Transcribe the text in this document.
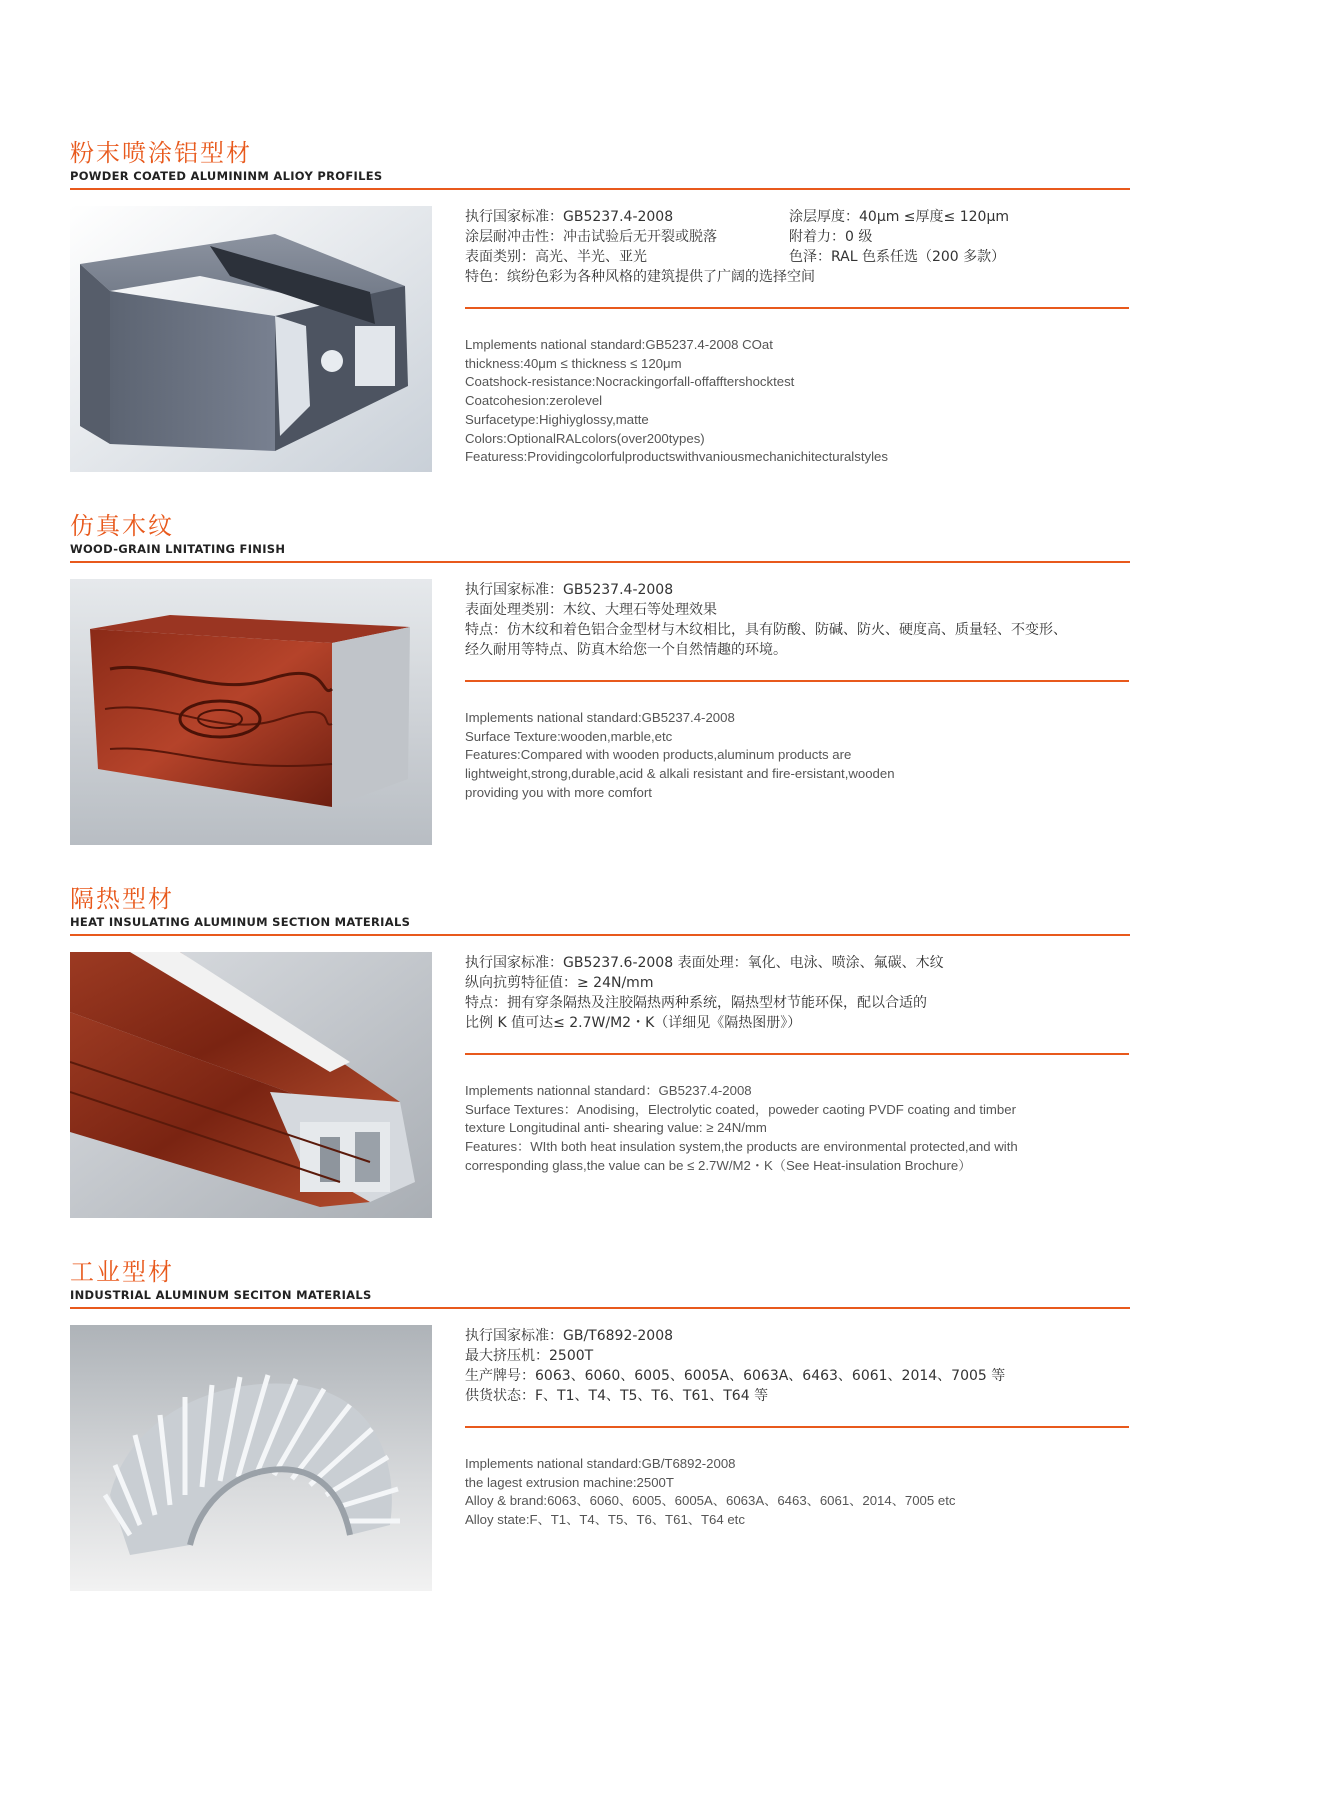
粉末喷涂铝型材
POWDER COATED ALUMININM ALIOY PROFILES
执行国家标准：GB5237.4-2008	涂层厚度：40μm ≤厚度≤ 120μm
涂层耐冲击性：冲击试验后无开裂或脱落	附着力：0 级
表面类别：高光、半光、亚光	色泽：RAL 色系任选（200 多款）
特色：缤纷色彩为各种风格的建筑提供了广阔的选择空间
Lmplements national standard:GB5237.4-2008 COat
thickness:40μm ≤ thickness ≤ 120μm
Coatshock-resistance:Nocrackingorfall-offafftershocktest
Coatcohesion:zerolevel
Surfacetype:Highiyglossy,matte
Colors:OptionalRALcolors(over200types)
Featuress:Providingcolorfulproductswithvaniousmechanichitecturalstyles
仿真木纹
WOOD-GRAIN LNITATING FINISH
执行国家标准：GB5237.4-2008
表面处理类别：木纹、大理石等处理效果
特点：仿木纹和着色铝合金型材与木纹相比，具有防酸、防碱、防火、硬度高、质量轻、不变形、
经久耐用等特点、防真木给您一个自然情趣的环境。
Implements national standard:GB5237.4-2008
Surface Texture:wooden,marble,etc
Features:Compared with wooden products,aluminum products are
lightweight,strong,durable,acid & alkali resistant and fire-ersistant,wooden
providing you with more comfort
隔热型材
HEAT INSULATING ALUMINUM SECTION MATERIALS
执行国家标准：GB5237.6-2008 表面处理：氧化、电泳、喷涂、氟碳、木纹
纵向抗剪特征值：≥ 24N/mm
特点：拥有穿条隔热及注胶隔热两种系统，隔热型材节能环保，配以合适的
比例 K 值可达≤ 2.7W/M2・K（详细见《隔热图册》）
Implements nationnal standard：GB5237.4-2008
Surface Textures：Anodising，Electrolytic coated，poweder caoting PVDF coating and timber
texture Longitudinal anti- shearing value: ≥ 24N/mm
Features：WIth both heat insulation system,the products are environmental protected,and with
corresponding glass,the value can be ≤ 2.7W/M2・K（See Heat-insulation Brochure）
工业型材
INDUSTRIAL ALUMINUM SECITON MATERIALS
执行国家标准：GB/T6892-2008
最大挤压机：2500T
生产牌号：6063、6060、6005、6005A、6063A、6463、6061、2014、7005 等
供货状态：F、T1、T4、T5、T6、T61、T64 等
Implements national standard:GB/T6892-2008
the lagest extrusion machine:2500T
Alloy & brand:6063、6060、6005、6005A、6063A、6463、6061、2014、7005 etc
Alloy state:F、T1、T4、T5、T6、T61、T64 etc
